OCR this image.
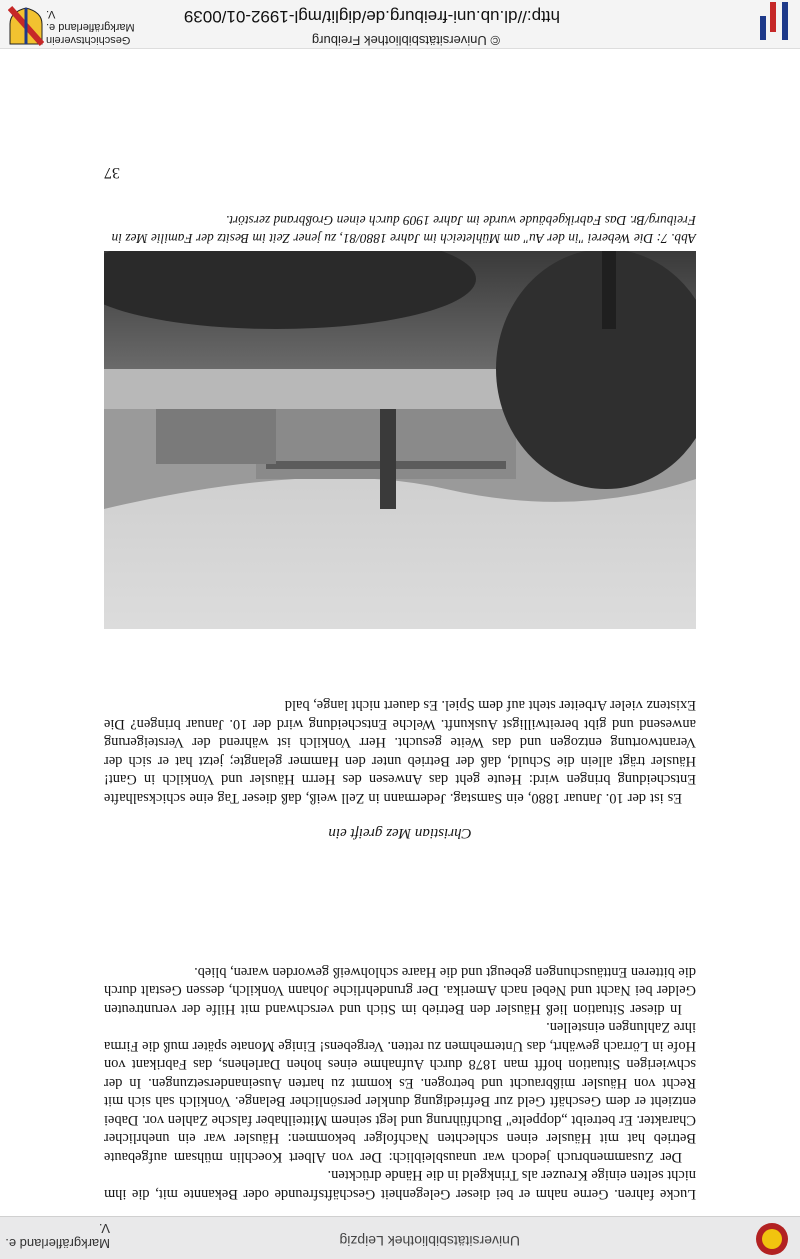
Universitätsbibliothek Leipzig
Markgräflerland e. V.

Lucke fahren. Gerne nahm er bei dieser Gelegenheit Geschäftsfreunde oder Bekannte mit, die ihm nicht selten einige Kreuzer als Trinkgeld in die Hände drückten.

Der Zusammenbruch jedoch war unausbleiblich: Der von Albert Koechlin mühsam aufgebaute Betrieb hat mit Häusler einen schlechten Nachfolger bekommen: Häusler war ein unehrlicher Charakter. Er betreibt „doppelte" Buchführung und legt seinem Mitteilhaber falsche Zahlen vor. Dabei entzieht er dem Geschäft Geld zur Befriedigung dunkler persönlicher Belange. Vonkilch sah sich mit Recht von Häusler mißbraucht und betrogen. Es kommt zu harten Auseinandersetzungen. In der schwierigen Situation hofft man 1878 durch Aufnahme eines hohen Darlehens, das Fabrikant von Hofe in Lörrach gewährt, das Unternehmen zu retten. Vergebens! Einige Monate später muß die Firma ihre Zahlungen einstellen.

In dieser Situation ließ Häusler den Betrieb im Stich und verschwand mit Hilfe der veruntreuten Gelder bei Nacht und Nebel nach Amerika. Der grundehrliche Johann Vonkilch, dessen Gestalt durch die bitteren Enttäuschungen gebeugt und die Haare schlohweiß geworden waren, blieb.

Christian Mez greift ein

Es ist der 10. Januar 1880, ein Samstag. Jedermann in Zell weiß, daß dieser Tag eine schicksalhafte Entscheidung bringen wird: Heute geht das Anwesen des Herrn Häusler und Vonkilch in Gant! Häusler trägt allein die Schuld, daß der Betrieb unter den Hammer gelangte; jetzt hat er sich der Verantwortung entzogen und das Weite gesucht. Herr Vonkilch ist während der Versteigerung anwesend und gibt bereitwilligst Auskunft. Welche Entscheidung wird der 10. Januar bringen? Die Existenz vieler Arbeiter steht auf dem Spiel. Es dauert nicht lange, bald

Abb. 7: Die Weberei "in der Au" am Mühleteich im Jahre 1880/81, zu jener Zeit im Besitz der Familie Mez in Freiburg/Br. Das Fabrikgebäude wurde im Jahre 1909 durch einen Großbrand zerstört.
37
© Universitätsbibliothek Freiburg
http://dl.ub.uni-freiburg.de/diglit/mgl-1992-01/0039
Geschichtsverein
Markgräflerland e. V.
